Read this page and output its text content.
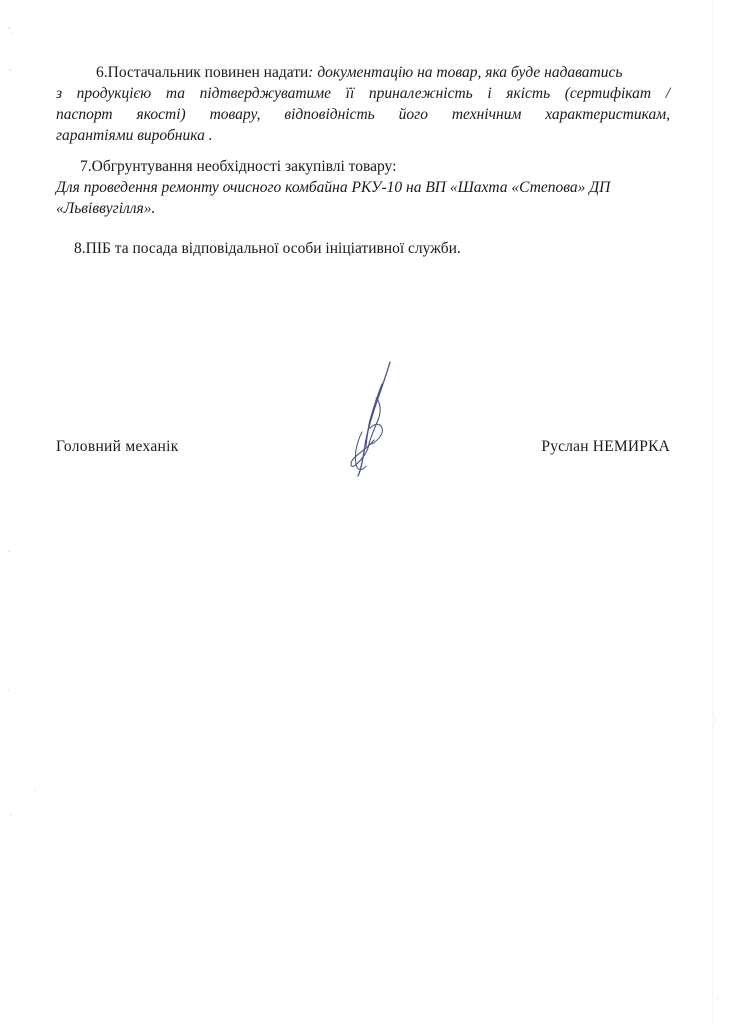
6.Постачальник повинен надати: документацію на товар, яка буде надаватись
з продукцією та підтверджуватиме її приналежність і якість (сертифікат /
паспорт якості) товару, відповідність його технічним характеристикам,
гарантіями виробника .
7.Обгрунтування необхідності закупівлі товару:
Для проведення ремонту очисного комбайна РКУ-10 на ВП «Шахта «Степова» ДП
«Львіввугілля».
8.ПІБ та посада відповідальної особи ініціативної служби.
Головний механік	Руслан НЕМИРКА
